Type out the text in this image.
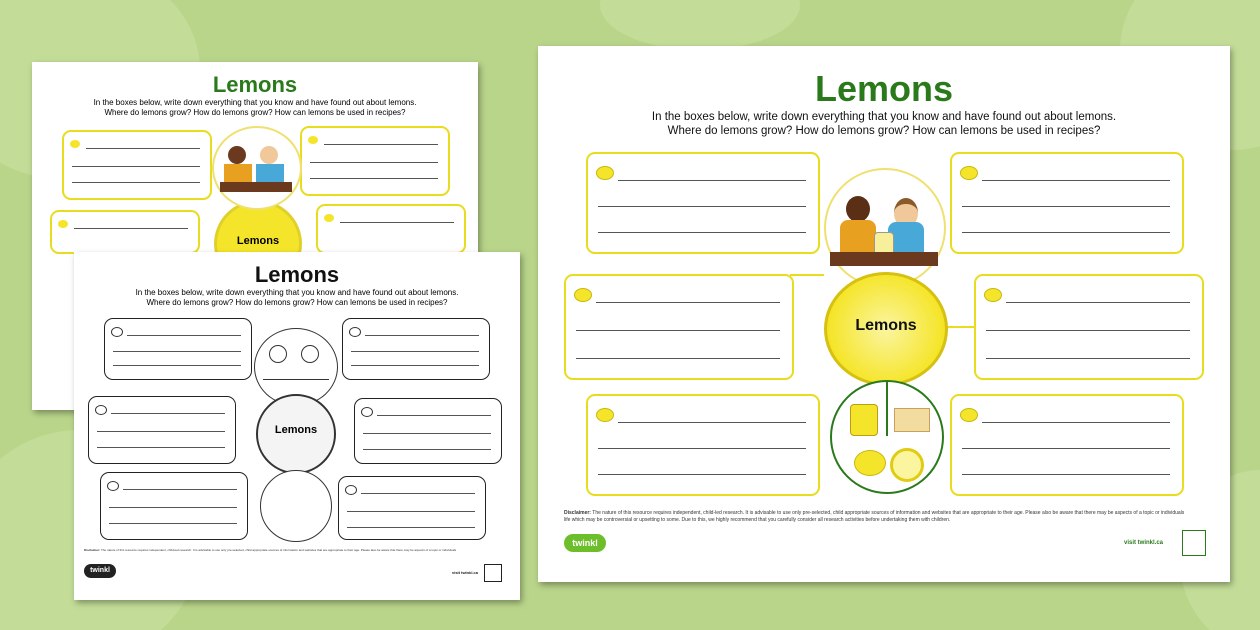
Lemons
In the boxes below, write down everything that you know and have found out about lemons.
Where do lemons grow? How do lemons grow? How can lemons be used in recipes?
Lemons
Lemons
In the boxes below, write down everything that you know and have found out about lemons.
Where do lemons grow? How do lemons grow? How can lemons be used in recipes?
Lemons
Disclaimer: The nature of this resource requires independent, child-led research. It is advisable to use only pre-selected, child appropriate sources of information and websites that are appropriate to their age. Please also be aware that there may be aspects of a topic or individuals
twinkl	visit twinkl.ca
Lemons
In the boxes below, write down everything that you know and have found out about lemons.
Where do lemons grow? How do lemons grow? How can lemons be used in recipes?
Lemons
Disclaimer: The nature of this resource requires independent, child-led research. It is advisable to use only pre-selected, child appropriate sources of information and websites that are appropriate to their age. Please also be aware that there may be aspects of a topic or individuals
life which may be controversial or upsetting to some. Due to this, we highly recommend that you carefully consider all research activities before undertaking them with children.
twinkl	visit twinkl.ca
